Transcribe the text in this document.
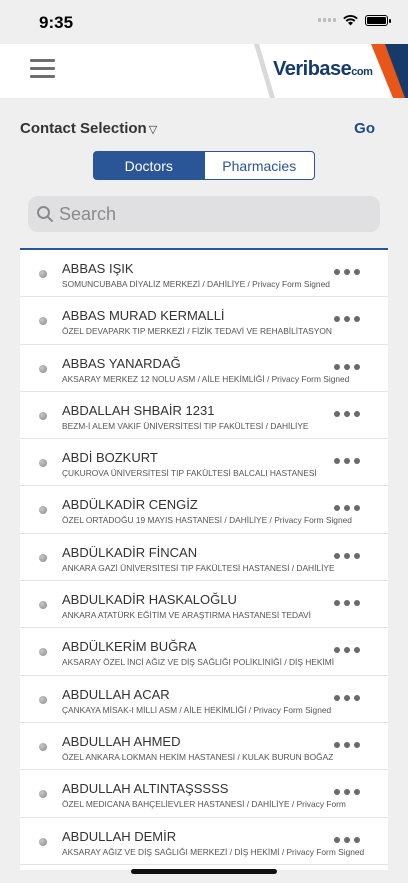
9:35
Veribasecom
Contact Selection ▽	Go
Doctors	Pharmacies
Search
ABBAS IŞIK
SOMUNCUBABA DİYALİZ MERKEZİ / DAHİLİYE / Privacy Form Signed
ABBAS MURAD KERMALLİ
ÖZEL DEVAPARK TIP MERKEZİ / FİZİK TEDAVİ VE REHABİLİTASYON
ABBAS YANARDAĞ
AKSARAY MERKEZ 12 NOLU ASM / AİLE HEKİMLİĞİ / Privacy Form Signed
ABDALLAH SHBAİR 1231
BEZM-İ ALEM VAKIF ÜNİVERSİTESİ TIP FAKÜLTESİ / DAHİLİYE
ABDİ BOZKURT
ÇUKUROVA ÜNİVERSİTESİ TIP FAKÜLTESİ BALCALI HASTANESİ
ABDÜLKADİR CENGİZ
ÖZEL ORTADOĞU 19 MAYIS HASTANESİ / DAHİLİYE / Privacy Form Signed
ABDÜLKADİR FİNCAN
ANKARA GAZİ ÜNİVERSİTESİ TIP FAKÜLTESİ HASTANESİ / DAHİLİYE
ABDULKADİR HASKALOĞLU
ANKARA ATATÜRK EĞİTİM VE ARAŞTIRMA HASTANESİ TEDAVİ
ABDÜLKERİM BUĞRA
AKSARAY ÖZEL İNCİ AĞIZ VE DİŞ SAĞLIĞI POLİKLİNİĞİ / DİŞ HEKİMİ
ABDULLAH ACAR
ÇANKAYA MİSAK-I MİLLİ ASM / AİLE HEKİMLİĞİ / Privacy Form Signed
ABDULLAH AHMED
ÖZEL ANKARA LOKMAN HEKİM HASTANESİ / KULAK BURUN BOĞAZ
ABDULLAH ALTINTAŞSSSS
ÖZEL MEDICANA BAHÇELİEVLER HASTANESİ / DAHİLİYE / Privacy Form
ABDULLAH DEMİR
AKSARAY AĞIZ VE DİŞ SAĞLIĞI MERKEZİ / DİŞ HEKİMİ / Privacy Form Signed
